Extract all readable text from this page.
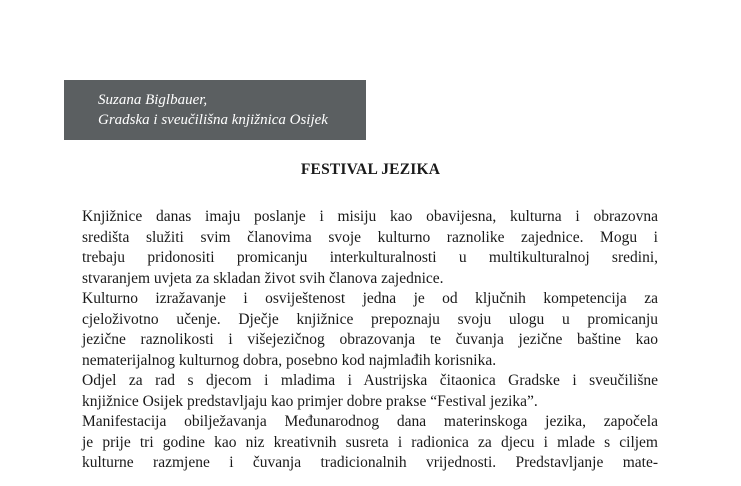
Suzana Biglbauer,
Gradska i sveučilišna knjižnica Osijek
FESTIVAL JEZIKA
Knjižnice danas imaju poslanje i misiju kao obavijesna, kulturna i obrazovna
središta služiti svim članovima svoje kulturno raznolike zajednice. Mogu i
trebaju pridonositi promicanju interkulturalnosti u multikulturalnoj sredini,
stvaranjem uvjeta za skladan život svih članova zajednice.
Kulturno izražavanje i osviještenost jedna je od ključnih kompetencija za
cjeloživotno učenje. Dječje knjižnice prepoznaju svoju ulogu u promicanju
jezične raznolikosti i višejezičnog obrazovanja te čuvanja jezične baštine kao
nematerijalnog kulturnog dobra, posebno kod najmlađih korisnika.
Odjel za rad s djecom i mladima i Austrijska čitaonica Gradske i sveučilišne
knjižnice Osijek predstavljaju kao primjer dobre prakse “Festival jezika”.
Manifestacija obilježavanja Međunarodnog dana materinskoga jezika, započela
je prije tri godine kao niz kreativnih susreta i radionica za djecu i mlade s ciljem
kulturne razmjene i čuvanja tradicionalnih vrijednosti. Predstavljanje mate-
